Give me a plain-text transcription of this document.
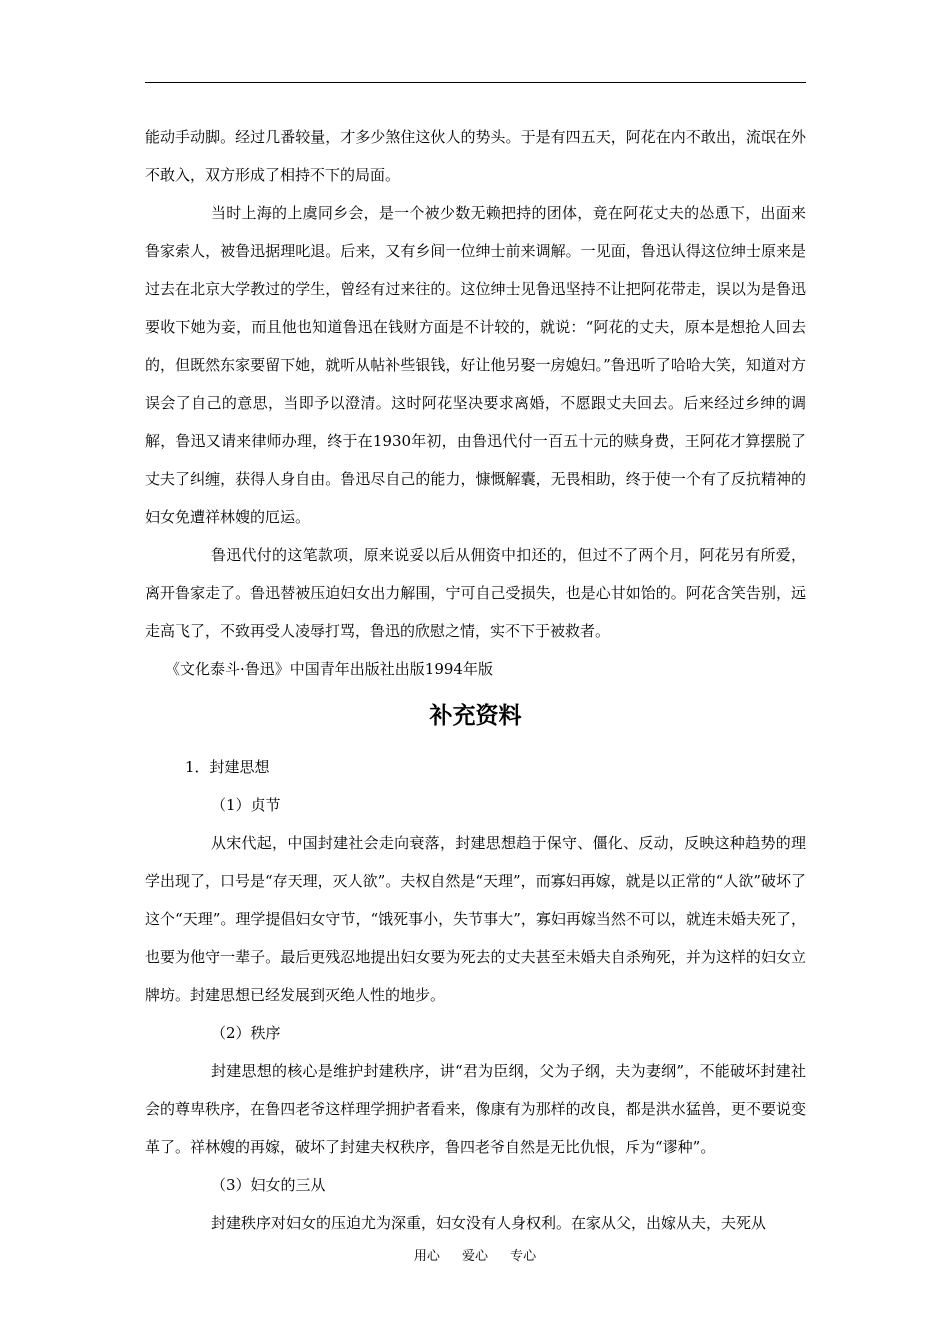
能动手动脚。经过几番较量，才多少煞住这伙人的势头。于是有四五天，阿花在内不敢出，流氓在外不敢入，双方形成了相持不下的局面。

当时上海的上虞同乡会，是一个被少数无赖把持的团体，竟在阿花丈夫的怂恿下，出面来鲁家索人，被鲁迅据理叱退。后来，又有乡间一位绅士前来调解。一见面，鲁迅认得这位绅士原来是过去在北京大学教过的学生，曾经有过来往的。这位绅士见鲁迅坚持不让把阿花带走，误以为是鲁迅要收下她为妾，而且他也知道鲁迅在钱财方面是不计较的，就说：“阿花的丈夫，原本是想抢人回去的，但既然东家要留下她，就听从帖补些银钱，好让他另娶一房媳妇。”鲁迅听了哈哈大笑，知道对方误会了自己的意思，当即予以澄清。这时阿花坚决要求离婚，不愿跟丈夫回去。后来经过乡绅的调解，鲁迅又请来律师办理，终于在1930年初，由鲁迅代付一百五十元的赎身费，王阿花才算摆脱了丈夫了纠缠，获得人身自由。鲁迅尽自己的能力，慷慨解囊，无畏相助，终于使一个有了反抗精神的妇女免遭祥林嫂的厄运。

鲁迅代付的这笔款项，原来说妥以后从佣资中扣还的，但过不了两个月，阿花另有所爱，离开鲁家走了。鲁迅替被压迫妇女出力解围，宁可自己受损失，也是心甘如饴的。阿花含笑告别，远走高飞了，不致再受人凌辱打骂，鲁迅的欣慰之情，实不下于被救者。

《文化泰斗·鲁迅》中国青年出版社出版1994年版

补充资料

1．封建思想

（1）贞节

从宋代起，中国封建社会走向衰落，封建思想趋于保守、僵化、反动，反映这种趋势的理学出现了，口号是“存天理，灭人欲”。夫权自然是“天理”，而寡妇再嫁，就是以正常的“人欲”破坏了这个“天理”。理学提倡妇女守节，“饿死事小，失节事大”，寡妇再嫁当然不可以，就连未婚夫死了，也要为他守一辈子。最后更残忍地提出妇女要为死去的丈夫甚至未婚夫自杀殉死，并为这样的妇女立牌坊。封建思想已经发展到灭绝人性的地步。

（2）秩序

封建思想的核心是维护封建秩序，讲“君为臣纲，父为子纲，夫为妻纲”，不能破坏封建社会的尊卑秩序，在鲁四老爷这样理学拥护者看来，像康有为那样的改良，都是洪水猛兽，更不要说变革了。祥林嫂的再嫁，破坏了封建夫权秩序，鲁四老爷自然是无比仇恨，斥为“谬种”。

（3）妇女的三从

封建秩序对妇女的压迫尤为深重，妇女没有人身权利。在家从父，出嫁从夫，夫死从

用心 爱心 专心
